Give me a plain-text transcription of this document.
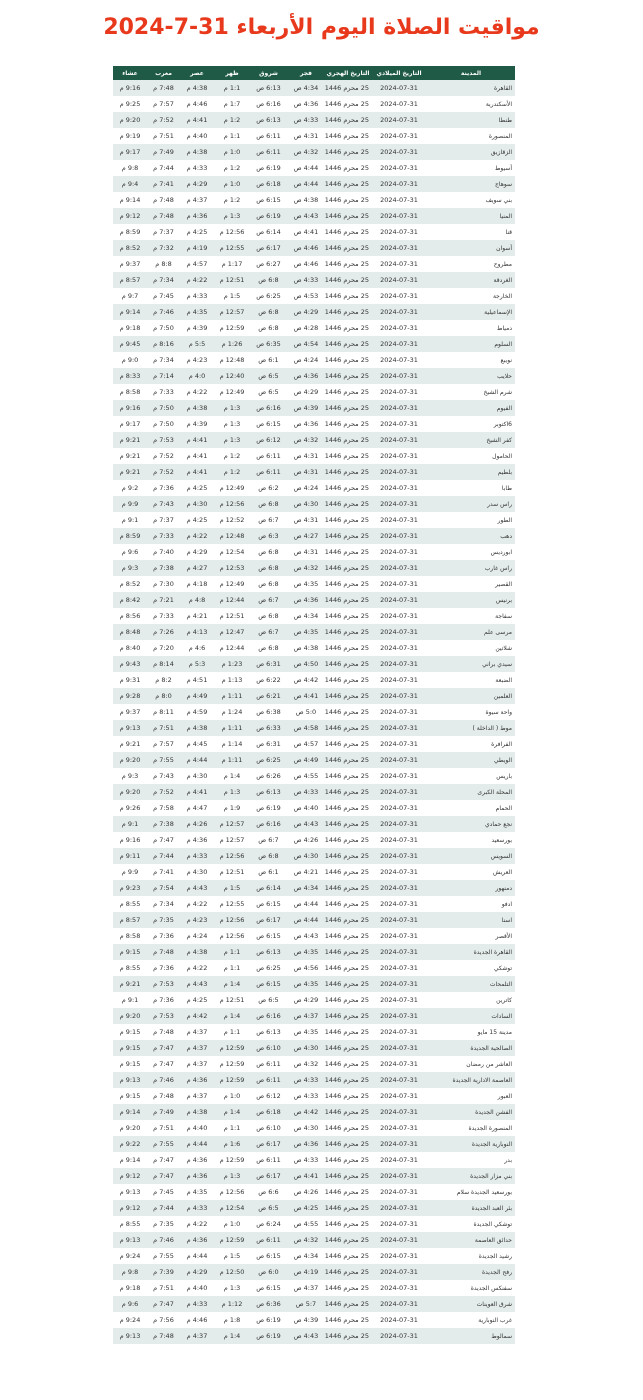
مواقيت الصلاة اليوم الأربعاء 31-7-2024
المدينة	التاريخ الميلادي	التاريخ الهجري	فجر	شروق	ظهر	عصر	مغرب	عشاء
القاهرة	2024-07-31	25 محرم 1446	4:34 ص	6:13 ص	1:1 م	4:38 م	7:48 م	9:16 م
الأسكندرية	2024-07-31	25 محرم 1446	4:36 ص	6:16 ص	1:7 م	4:46 م	7:57 م	9:25 م
طنطا	2024-07-31	25 محرم 1446	4:33 ص	6:13 ص	1:2 م	4:41 م	7:52 م	9:20 م
المنصورة	2024-07-31	25 محرم 1446	4:31 ص	6:11 ص	1:1 م	4:40 م	7:51 م	9:19 م
الزقازيق	2024-07-31	25 محرم 1446	4:32 ص	6:11 ص	1:0 م	4:38 م	7:49 م	9:17 م
أسيوط	2024-07-31	25 محرم 1446	4:44 ص	6:19 ص	1:2 م	4:33 م	7:44 م	9:8 م
سوهاج	2024-07-31	25 محرم 1446	4:44 ص	6:18 ص	1:0 م	4:29 م	7:41 م	9:4 م
بني سويف	2024-07-31	25 محرم 1446	4:38 ص	6:15 ص	1:2 م	4:37 م	7:48 م	9:14 م
المنيا	2024-07-31	25 محرم 1446	4:43 ص	6:19 ص	1:3 م	4:36 م	7:48 م	9:12 م
قنا	2024-07-31	25 محرم 1446	4:41 ص	6:14 ص	12:56 م	4:25 م	7:37 م	8:59 م
أسوان	2024-07-31	25 محرم 1446	4:46 ص	6:17 ص	12:55 م	4:19 م	7:32 م	8:52 م
مطروح	2024-07-31	25 محرم 1446	4:46 ص	6:27 ص	1:17 م	4:57 م	8:8 م	9:37 م
الغردقة	2024-07-31	25 محرم 1446	4:33 ص	6:8 ص	12:51 م	4:22 م	7:34 م	8:57 م
الخارجة	2024-07-31	25 محرم 1446	4:53 ص	6:25 ص	1:5 م	4:33 م	7:45 م	9:7 م
الإسماعيلية	2024-07-31	25 محرم 1446	4:29 ص	6:8 ص	12:57 م	4:35 م	7:46 م	9:14 م
دمياط	2024-07-31	25 محرم 1446	4:28 ص	6:8 ص	12:59 م	4:39 م	7:50 م	9:18 م
السلوم	2024-07-31	25 محرم 1446	4:54 ص	6:35 ص	1:26 م	5:5 م	8:16 م	9:45 م
نويبع	2024-07-31	25 محرم 1446	4:24 ص	6:1 ص	12:48 م	4:23 م	7:34 م	9:0 م
حلايب	2024-07-31	25 محرم 1446	4:36 ص	6:5 ص	12:40 م	4:0 م	7:14 م	8:33 م
شرم الشيخ	2024-07-31	25 محرم 1446	4:29 ص	6:5 ص	12:49 م	4:22 م	7:33 م	8:58 م
الفيوم	2024-07-31	25 محرم 1446	4:39 ص	6:16 ص	1:3 م	4:38 م	7:50 م	9:16 م
6اكتوبر	2024-07-31	25 محرم 1446	4:36 ص	6:15 ص	1:3 م	4:39 م	7:50 م	9:17 م
كفر الشيخ	2024-07-31	25 محرم 1446	4:32 ص	6:12 ص	1:3 م	4:41 م	7:53 م	9:21 م
الحامول	2024-07-31	25 محرم 1446	4:31 ص	6:11 ص	1:2 م	4:41 م	7:52 م	9:21 م
بلطيم	2024-07-31	25 محرم 1446	4:31 ص	6:11 ص	1:2 م	4:41 م	7:52 م	9:21 م
طابا	2024-07-31	25 محرم 1446	4:24 ص	6:2 ص	12:49 م	4:25 م	7:36 م	9:2 م
راس سدر	2024-07-31	25 محرم 1446	4:30 ص	6:8 ص	12:56 م	4:30 م	7:43 م	9:9 م
الطور	2024-07-31	25 محرم 1446	4:31 ص	6:7 ص	12:52 م	4:25 م	7:37 م	9:1 م
دهب	2024-07-31	25 محرم 1446	4:27 ص	6:3 ص	12:48 م	4:22 م	7:33 م	8:59 م
ابورديس	2024-07-31	25 محرم 1446	4:31 ص	6:8 ص	12:54 م	4:29 م	7:40 م	9:6 م
راس غارب	2024-07-31	25 محرم 1446	4:32 ص	6:8 ص	12:53 م	4:27 م	7:38 م	9:3 م
القصير	2024-07-31	25 محرم 1446	4:35 ص	6:8 ص	12:49 م	4:18 م	7:30 م	8:52 م
برنيس	2024-07-31	25 محرم 1446	4:36 ص	6:7 ص	12:44 م	4:8 م	7:21 م	8:42 م
سفاجة	2024-07-31	25 محرم 1446	4:34 ص	6:8 ص	12:51 م	4:21 م	7:33 م	8:56 م
مرسى علم	2024-07-31	25 محرم 1446	4:35 ص	6:7 ص	12:47 م	4:13 م	7:26 م	8:48 م
شلاتين	2024-07-31	25 محرم 1446	4:38 ص	6:8 ص	12:44 م	4:6 م	7:20 م	8:40 م
سيدي براني	2024-07-31	25 محرم 1446	4:50 ص	6:31 ص	1:23 م	5:3 م	8:14 م	9:43 م
الضبعة	2024-07-31	25 محرم 1446	4:42 ص	6:22 ص	1:13 م	4:51 م	8:2 م	9:31 م
العلمين	2024-07-31	25 محرم 1446	4:41 ص	6:21 ص	1:11 م	4:49 م	8:0 م	9:28 م
واحة سيوة	2024-07-31	25 محرم 1446	5:0 ص	6:38 ص	1:24 م	4:59 م	8:11 م	9:37 م
موط ( الداخلة )	2024-07-31	25 محرم 1446	4:58 ص	6:33 ص	1:11 م	4:38 م	7:51 م	9:13 م
الفرافرة	2024-07-31	25 محرم 1446	4:57 ص	6:31 ص	1:14 م	4:45 م	7:57 م	9:21 م
الويطي	2024-07-31	25 محرم 1446	4:49 ص	6:25 ص	1:11 م	4:44 م	7:55 م	9:20 م
باريس	2024-07-31	25 محرم 1446	4:55 ص	6:26 ص	1:4 م	4:30 م	7:43 م	9:3 م
المحلة الكبرى	2024-07-31	25 محرم 1446	4:33 ص	6:13 ص	1:3 م	4:41 م	7:52 م	9:20 م
الحمام	2024-07-31	25 محرم 1446	4:40 ص	6:19 ص	1:9 م	4:47 م	7:58 م	9:26 م
نجع حمادي	2024-07-31	25 محرم 1446	4:43 ص	6:16 ص	12:57 م	4:26 م	7:38 م	9:1 م
بورسعيد	2024-07-31	25 محرم 1446	4:26 ص	6:7 ص	12:57 م	4:36 م	7:47 م	9:16 م
السويس	2024-07-31	25 محرم 1446	4:30 ص	6:8 ص	12:56 م	4:33 م	7:44 م	9:11 م
العريش	2024-07-31	25 محرم 1446	4:21 ص	6:1 ص	12:51 م	4:30 م	7:41 م	9:9 م
دمنهور	2024-07-31	25 محرم 1446	4:34 ص	6:14 ص	1:5 م	4:43 م	7:54 م	9:23 م
ادفو	2024-07-31	25 محرم 1446	4:44 ص	6:15 ص	12:55 م	4:22 م	7:34 م	8:55 م
اسنا	2024-07-31	25 محرم 1446	4:44 ص	6:17 ص	12:56 م	4:23 م	7:35 م	8:57 م
الأقصر	2024-07-31	25 محرم 1446	4:43 ص	6:15 ص	12:56 م	4:24 م	7:36 م	8:58 م
القاهرة الجديدة	2024-07-31	25 محرم 1446	4:35 ص	6:13 ص	1:1 م	4:38 م	7:48 م	9:15 م
توشكي	2024-07-31	25 محرم 1446	4:56 ص	6:25 ص	1:1 م	4:22 م	7:36 م	8:55 م
التلمحات	2024-07-31	25 محرم 1446	4:35 ص	6:15 ص	1:4 م	4:43 م	7:53 م	9:21 م
كاترين	2024-07-31	25 محرم 1446	4:29 ص	6:5 ص	12:51 م	4:25 م	7:36 م	9:1 م
السادات	2024-07-31	25 محرم 1446	4:37 ص	6:16 ص	1:4 م	4:42 م	7:53 م	9:20 م
مدينة 15 مايو	2024-07-31	25 محرم 1446	4:35 ص	6:13 ص	1:1 م	4:37 م	7:48 م	9:15 م
الصالحية الجديدة	2024-07-31	25 محرم 1446	4:30 ص	6:10 ص	12:59 م	4:37 م	7:47 م	9:15 م
العاشر من رمضان	2024-07-31	25 محرم 1446	4:32 ص	6:11 ص	12:59 م	4:37 م	7:47 م	9:15 م
العاصمة الادارية الجديدة	2024-07-31	25 محرم 1446	4:33 ص	6:11 ص	12:59 م	4:36 م	7:46 م	9:13 م
العبور	2024-07-31	25 محرم 1446	4:33 ص	6:12 ص	1:0 م	4:37 م	7:48 م	9:15 م
الفشن الجديدة	2024-07-31	25 محرم 1446	4:42 ص	6:18 ص	1:4 م	4:38 م	7:49 م	9:14 م
المنصورة الجديدة	2024-07-31	25 محرم 1446	4:30 ص	6:10 ص	1:1 م	4:40 م	7:51 م	9:20 م
النوبارية الجديدة	2024-07-31	25 محرم 1446	4:36 ص	6:17 ص	1:6 م	4:44 م	7:55 م	9:22 م
بدر	2024-07-31	25 محرم 1446	4:33 ص	6:11 ص	12:59 م	4:36 م	7:47 م	9:14 م
بني مزار الجديدة	2024-07-31	25 محرم 1446	4:41 ص	6:17 ص	1:3 م	4:36 م	7:47 م	9:12 م
بورسعيد الجديدة سلام	2024-07-31	25 محرم 1446	4:26 ص	6:6 ص	12:56 م	4:35 م	7:45 م	9:13 م
بئر العبد الجديدة	2024-07-31	25 محرم 1446	4:25 ص	6:5 ص	12:54 م	4:33 م	7:44 م	9:12 م
توشكي الجديدة	2024-07-31	25 محرم 1446	4:55 ص	6:24 ص	1:0 م	4:22 م	7:35 م	8:55 م
حدائق العاصمة	2024-07-31	25 محرم 1446	4:32 ص	6:11 ص	12:59 م	4:36 م	7:46 م	9:13 م
رشيد الجديدة	2024-07-31	25 محرم 1446	4:34 ص	6:15 ص	1:5 م	4:44 م	7:55 م	9:24 م
رفح الجديدة	2024-07-31	25 محرم 1446	4:19 ص	6:0 ص	12:50 م	4:29 م	7:39 م	9:8 م
سفنكس الجديدة	2024-07-31	25 محرم 1446	4:37 ص	6:15 ص	1:3 م	4:40 م	7:51 م	9:18 م
شرق العوينات	2024-07-31	25 محرم 1446	5:7 ص	6:36 ص	1:12 م	4:33 م	7:47 م	9:6 م
غرب النوبارية	2024-07-31	25 محرم 1446	4:39 ص	6:19 ص	1:8 م	4:46 م	7:56 م	9:24 م
سمالوط	2024-07-31	25 محرم 1446	4:43 ص	6:19 ص	1:4 م	4:37 م	7:48 م	9:13 م
